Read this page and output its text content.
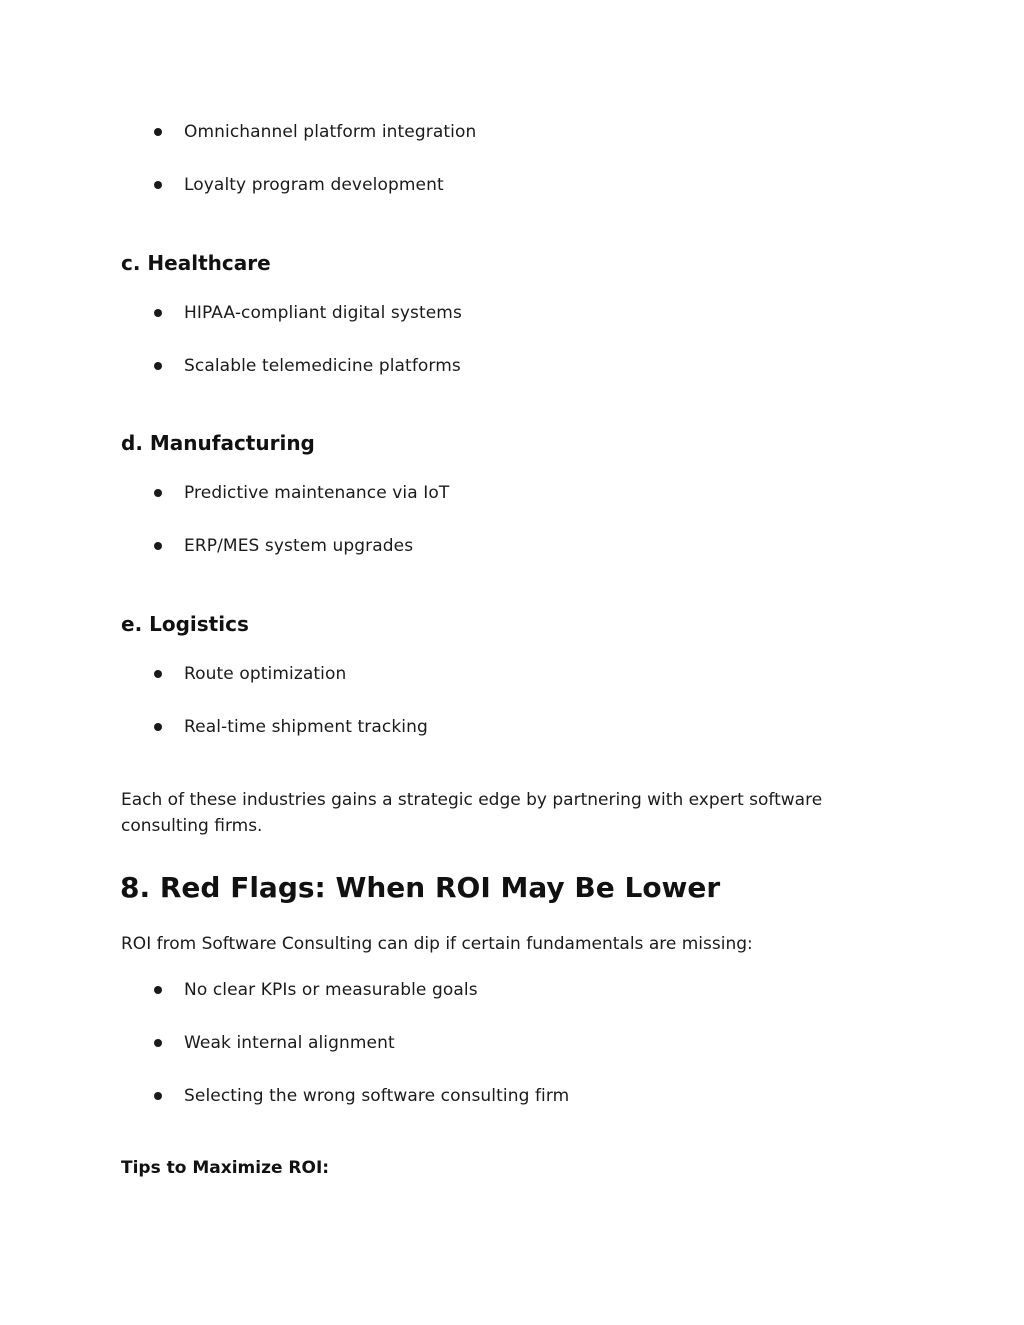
Omnichannel platform integration
Loyalty program development
c. Healthcare
HIPAA-compliant digital systems
Scalable telemedicine platforms
d. Manufacturing
Predictive maintenance via IoT
ERP/MES system upgrades
e. Logistics
Route optimization
Real-time shipment tracking
Each of these industries gains a strategic edge by partnering with expert software consulting firms.
8. Red Flags: When ROI May Be Lower
ROI from Software Consulting can dip if certain fundamentals are missing:
No clear KPIs or measurable goals
Weak internal alignment
Selecting the wrong software consulting firm
Tips to Maximize ROI:
